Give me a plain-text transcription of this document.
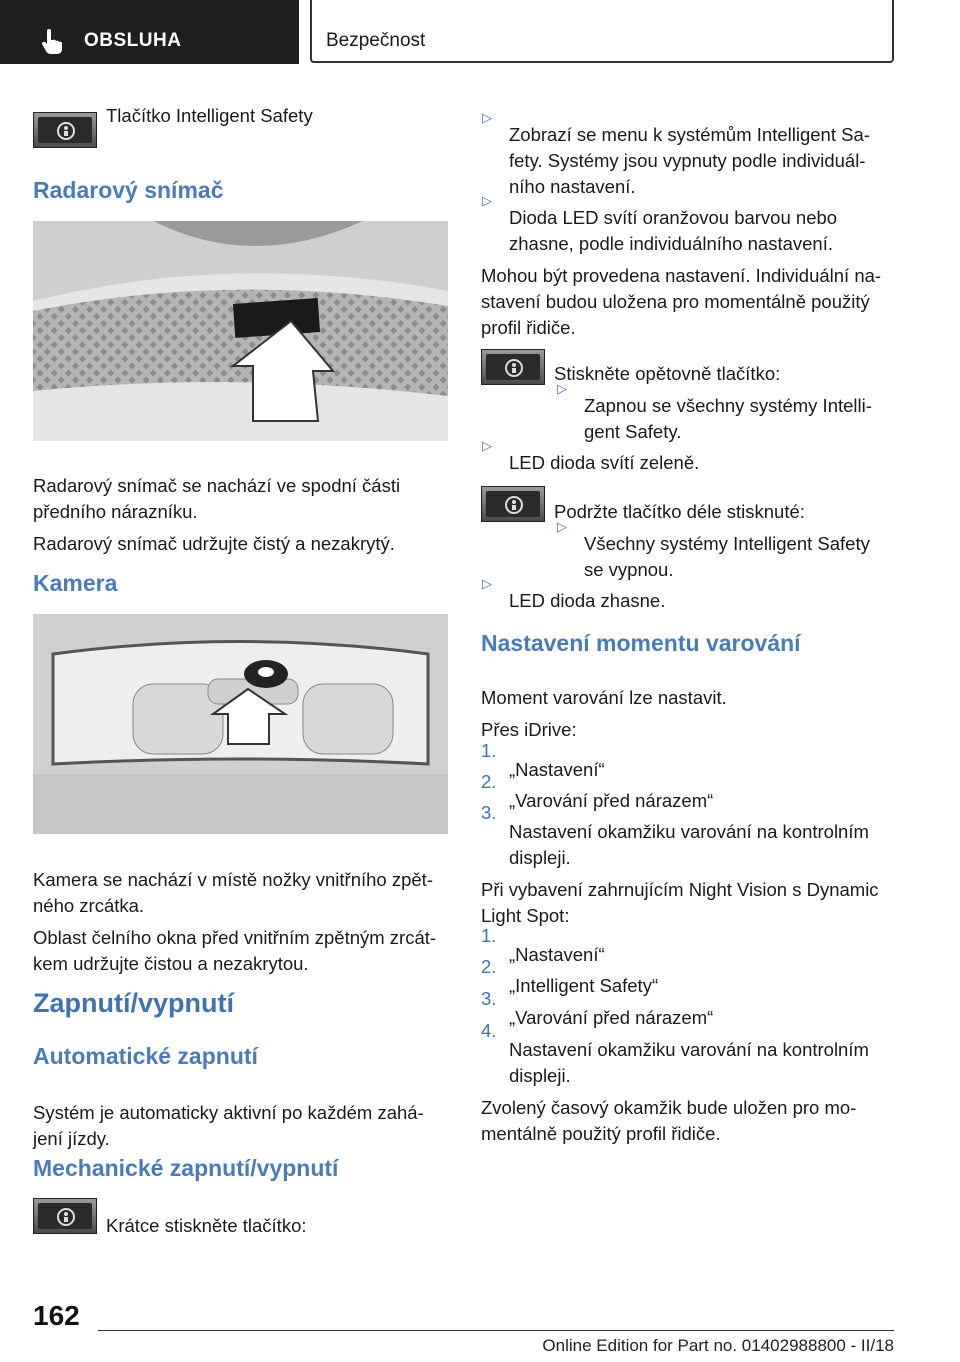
OBSLUHA	Bezpečnost

Tlačítko Intelligent Safety

Radarový snímač

Radarový snímač se nachází ve spodní části

předního nárazníku.

Radarový snímač udržujte čistý a nezakrytý.

Kamera

Kamera se nachází v místě nožky vnitřního zpět‐

ného zrcátka.

Oblast čelního okna před vnitřním zpětným zrcát‐

kem udržujte čistou a nezakrytou.

Zapnutí/vypnutí
Automatické zapnutí

Systém je automaticky aktivní po každém zahá‐

jení jízdy.

Mechanické zapnutí/vypnutí

Krátce stiskněte tlačítko:

▷

Zobrazí se menu k systémům Intelligent Sa‐

fety. Systémy jsou vypnuty podle individuál‐

ního nastavení.

▷

Dioda LED svítí oranžovou barvou nebo

zhasne, podle individuálního nastavení.

Mohou být provedena nastavení. Individuální na‐

stavení budou uložena pro momentálně použitý

profil řidiče.

Stiskněte opětovně tlačítko:

▷

Zapnou se všechny systémy Intelli‐

gent Safety.

▷

LED dioda svítí zeleně.

Podržte tlačítko déle stisknuté:

▷

Všechny systémy Intelligent Safety

se vypnou.

▷

LED dioda zhasne.

Nastavení momentu varování

Moment varování lze nastavit.

Přes iDrive:

1.

„Nastavení“

2.

„Varování před nárazem“

3.

Nastavení okamžiku varování na kontrolním

displeji.

Při vybavení zahrnujícím Night Vision s Dynamic

Light Spot:

1.

„Nastavení“

2.

„Intelligent Safety“

3.

„Varování před nárazem“

4.

Nastavení okamžiku varování na kontrolním

displeji.

Zvolený časový okamžik bude uložen pro mo‐

mentálně použitý profil řidiče.

162
Online Edition for Part no. 01402988800 - II/18
